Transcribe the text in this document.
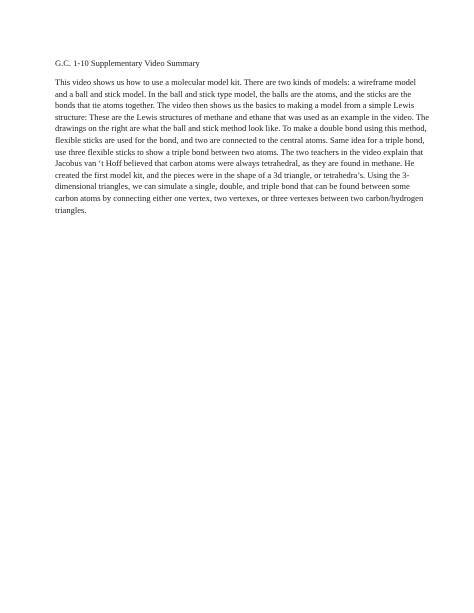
G.C. 1-10 Supplementary Video Summary

This video shows us how to use a molecular model kit. There are two kinds of models: a wireframe model and a ball and stick model. In the ball and stick type model, the balls are the atoms, and the sticks are the bonds that tie atoms together. The video then shows us the basics to making a model from a simple Lewis structure: These are the Lewis structures of methane and ethane that was used as an example in the video. The drawings on the right are what the ball and stick method look like. To make a double bond using this method, flexible sticks are used for the bond, and two are connected to the central atoms. Same idea for a triple bond, use three flexible sticks to show a triple bond between two atoms. The two teachers in the video explain that Jacobus van ‘t Hoff believed that carbon atoms were always tetrahedral, as they are found in methane. He created the first model kit, and the pieces were in the shape of a 3d triangle, or tetrahedra’s. Using the 3-dimensional triangles, we can simulate a single, double, and triple bond that can be found between some carbon atoms by connecting either one vertex, two vertexes, or three vertexes between two carbon/hydrogen triangles.
